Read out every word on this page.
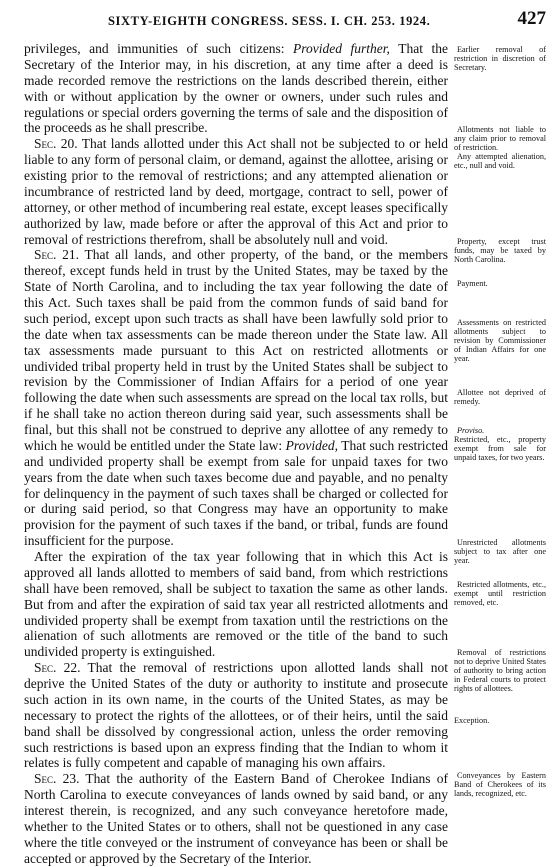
SIXTY-EIGHTH CONGRESS. SESS. I. CH. 253. 1924.	427

privileges, and immunities of such citizens: Provided further, That the Secretary of the Interior may, in his discretion, at any time after a deed is made recorded remove the restrictions on the lands described therein, either with or without application by the owner or owners, under such rules and regulations or special orders governing the terms of sale and the disposition of the proceeds as he shall prescribe.

Sec. 20. That lands allotted under this Act shall not be subjected to or held liable to any form of personal claim, or demand, against the allottee, arising or existing prior to the removal of restrictions; and any attempted alienation or incumbrance of restricted land by deed, mortgage, contract to sell, power of attorney, or other method of incumbering real estate, except leases specifically authorized by law, made before or after the approval of this Act and prior to removal of restrictions therefrom, shall be absolutely null and void.

Sec. 21. That all lands, and other property, of the band, or the members thereof, except funds held in trust by the United States, may be taxed by the State of North Carolina, and to including the tax year following the date of this Act. Such taxes shall be paid from the common funds of said band for such period, except upon such tracts as shall have been lawfully sold prior to the date when tax assessments can be made thereon under the State law. All tax assessments made pursuant to this Act on restricted allotments or undivided tribal property held in trust by the United States shall be subject to revision by the Commissioner of Indian Affairs for a period of one year following the date when such assessments are spread on the local tax rolls, but if he shall take no action thereon during said year, such assessments shall be final, but this shall not be construed to deprive any allottee of any remedy to which he would be entitled under the State law: Provided, That such restricted and undivided property shall be exempt from sale for unpaid taxes for two years from the date when such taxes become due and payable, and no penalty for delinquency in the payment of such taxes shall be charged or collected for or during said period, so that Congress may have an opportunity to make provision for the payment of such taxes if the band, or tribal, funds are found insufficient for the purpose.

After the expiration of the tax year following that in which this Act is approved all lands allotted to members of said band, from which restrictions shall have been removed, shall be subject to taxation the same as other lands. But from and after the expiration of said tax year all restricted allotments and undivided property shall be exempt from taxation until the restrictions on the alienation of such allotments are removed or the title of the band to such undivided property is extinguished.

Sec. 22. That the removal of restrictions upon allotted lands shall not deprive the United States of the duty or authority to institute and prosecute such action in its own name, in the courts of the United States, as may be necessary to protect the rights of the allottees, or of their heirs, until the said band shall be dissolved by congressional action, unless the order removing such restrictions is based upon an express finding that the Indian to whom it relates is fully competent and capable of managing his own affairs.

Sec. 23. That the authority of the Eastern Band of Cherokee Indians of North Carolina to execute conveyances of lands owned by said band, or any interest therein, is recognized, and any such conveyance heretofore made, whether to the United States or to others, shall not be questioned in any case where the title conveyed or the instrument of conveyance has been or shall be accepted or approved by the Secretary of the Interior.

Earlier removal of restriction in discretion of Secretary.
Allotments not liable to any claim prior to removal of restriction.
Any attempted alienation, etc., null and void.
Property, except trust funds, may be taxed by North Carolina.
Payment.
Assessments on restricted allotments subject to revision by Commissioner of Indian Affairs for one year.
Allottee not deprived of remedy.
Proviso.
Restricted, etc., property exempt from sale for unpaid taxes, for two years.
Unrestricted allotments subject to tax after one year.
Restricted allotments, etc., exempt until restriction removed, etc.
Removal of restrictions not to deprive United States of authority to bring action in Federal courts to protect rights of allottees.
Exception.
Conveyances by Eastern Band of Cherokees of its lands, recognized, etc.
